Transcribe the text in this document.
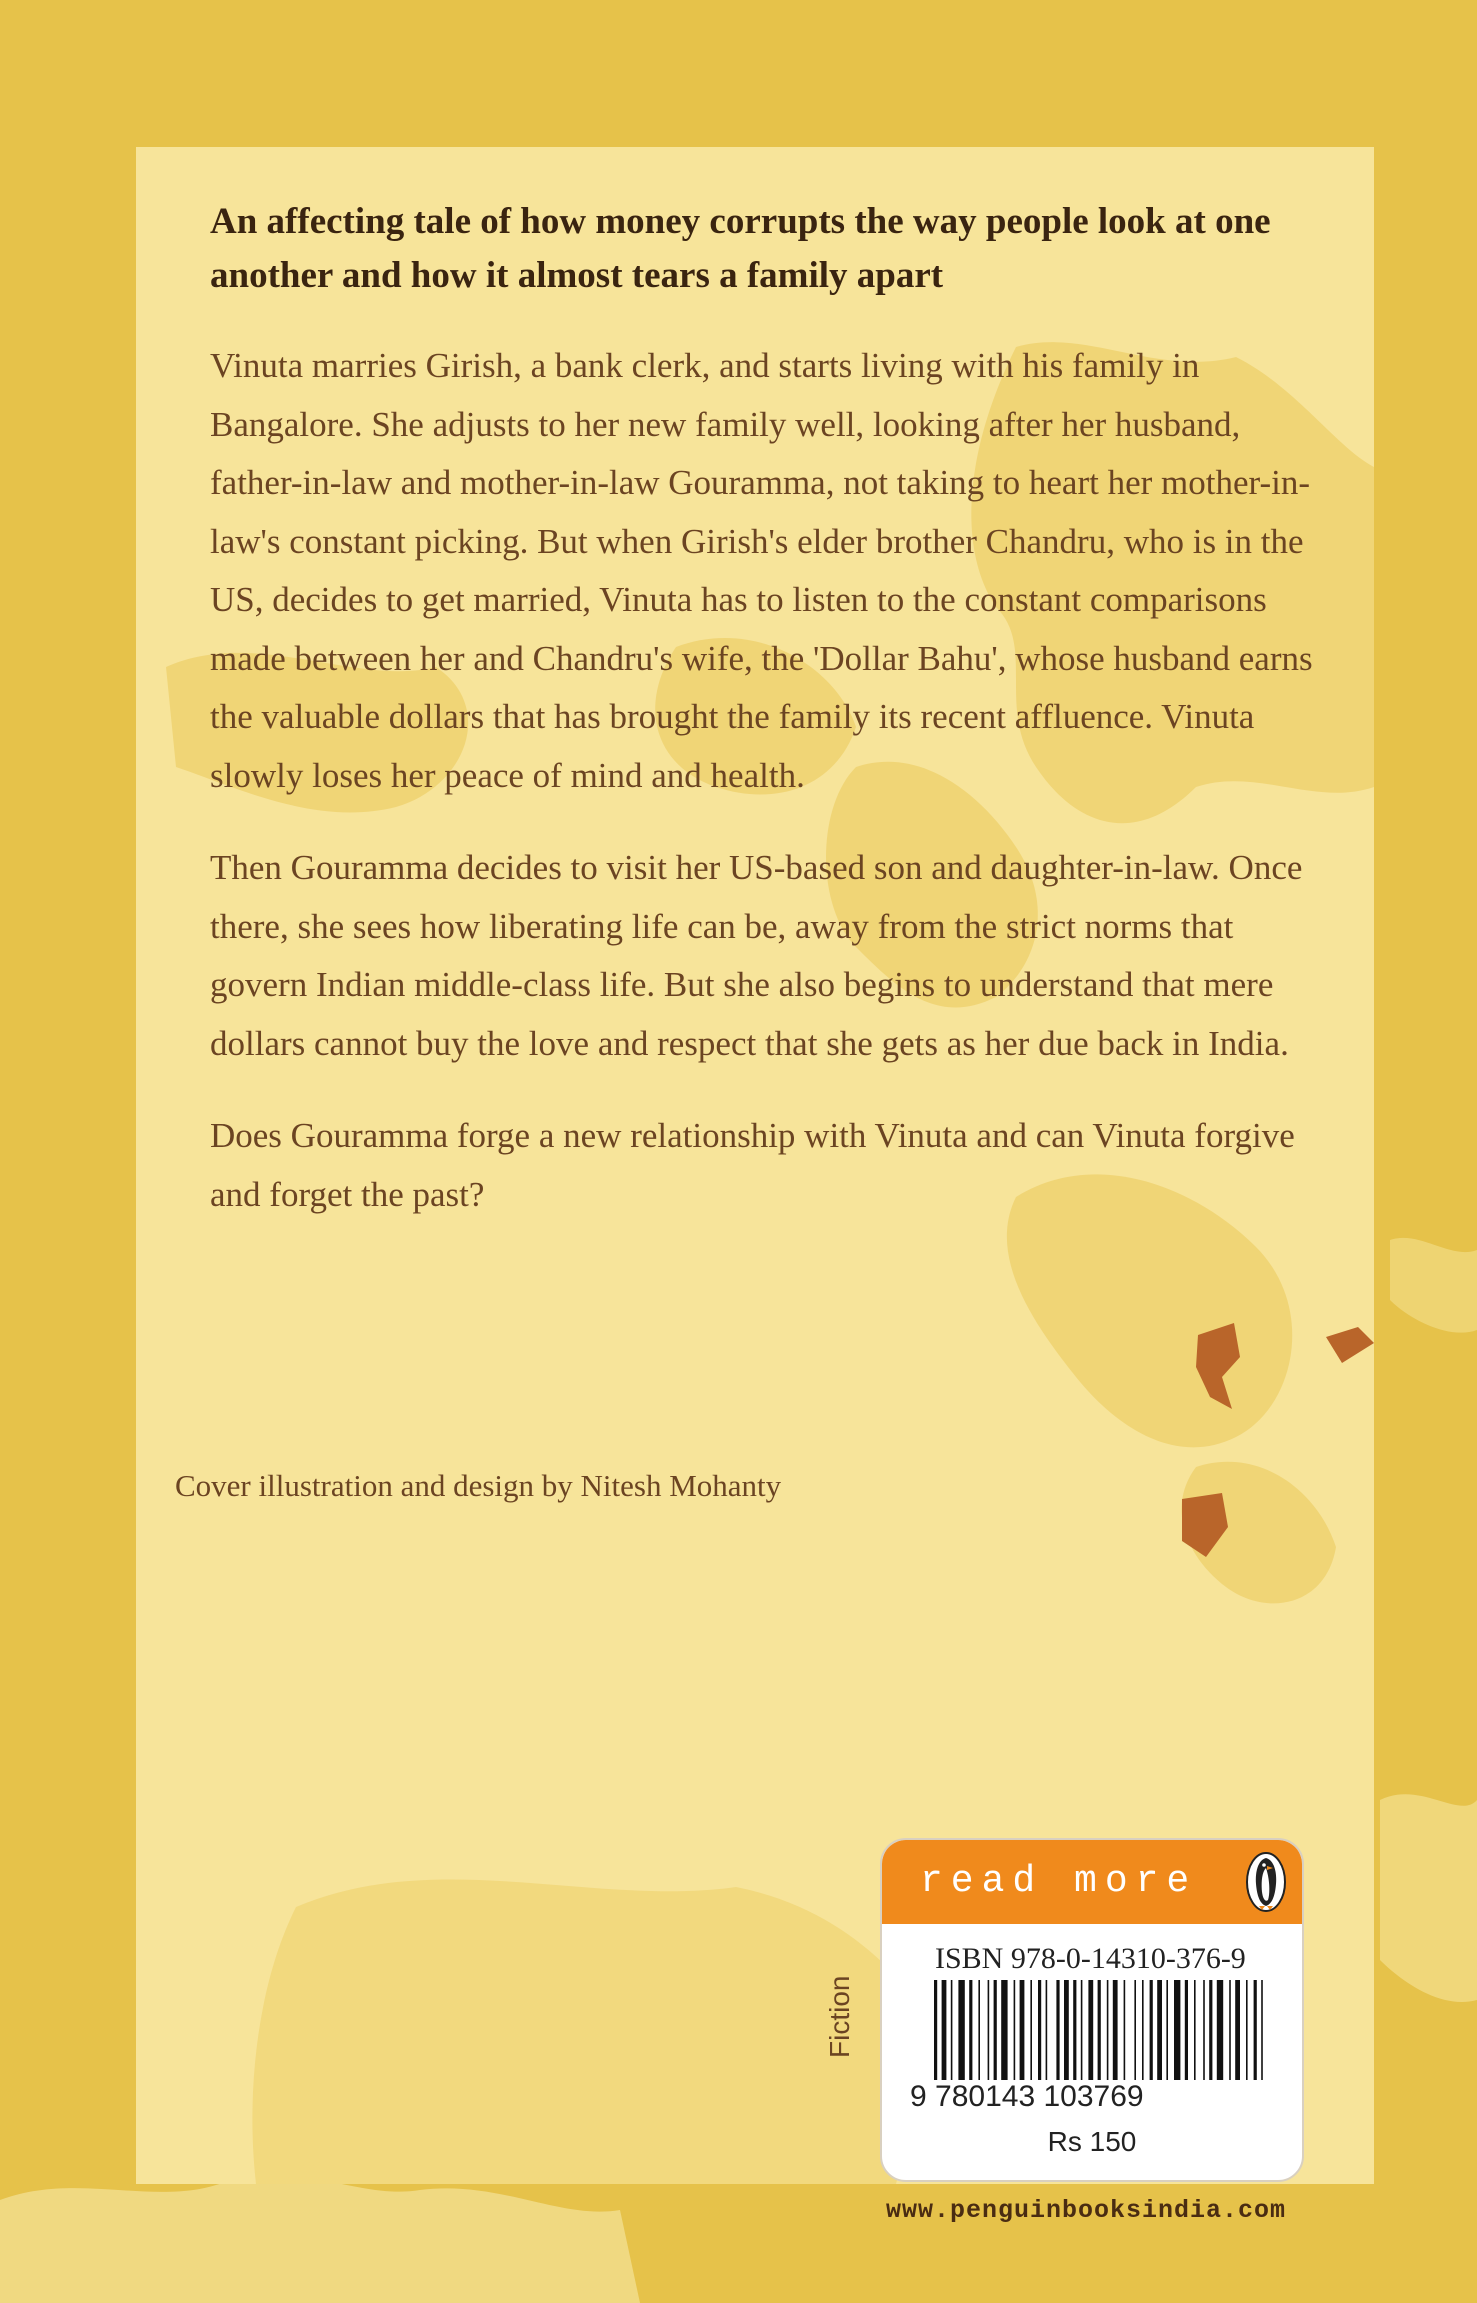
An affecting tale of how money corrupts the way people look at one another and how it almost tears a family apart

Vinuta marries Girish, a bank clerk, and starts living with his family in Bangalore. She adjusts to her new family well, looking after her husband, father-in-law and mother-in-law Gouramma, not taking to heart her mother-in-law's constant picking. But when Girish's elder brother Chandru, who is in the US, decides to get married, Vinuta has to listen to the constant comparisons made between her and Chandru's wife, the 'Dollar Bahu', whose husband earns the valuable dollars that has brought the family its recent affluence. Vinuta slowly loses her peace of mind and health.

Then Gouramma decides to visit her US-based son and daughter-in-law. Once there, she sees how liberating life can be, away from the strict norms that govern Indian middle-class life. But she also begins to understand that mere dollars cannot buy the love and respect that she gets as her due back in India.

Does Gouramma forge a new relationship with Vinuta and can Vinuta forgive and forget the past?

Cover illustration and design by Nitesh Mohanty
Fiction
read more
ISBN 978-0-14310-376-9
9 780143 103769
Rs 150
www.penguinbooksindia.com
